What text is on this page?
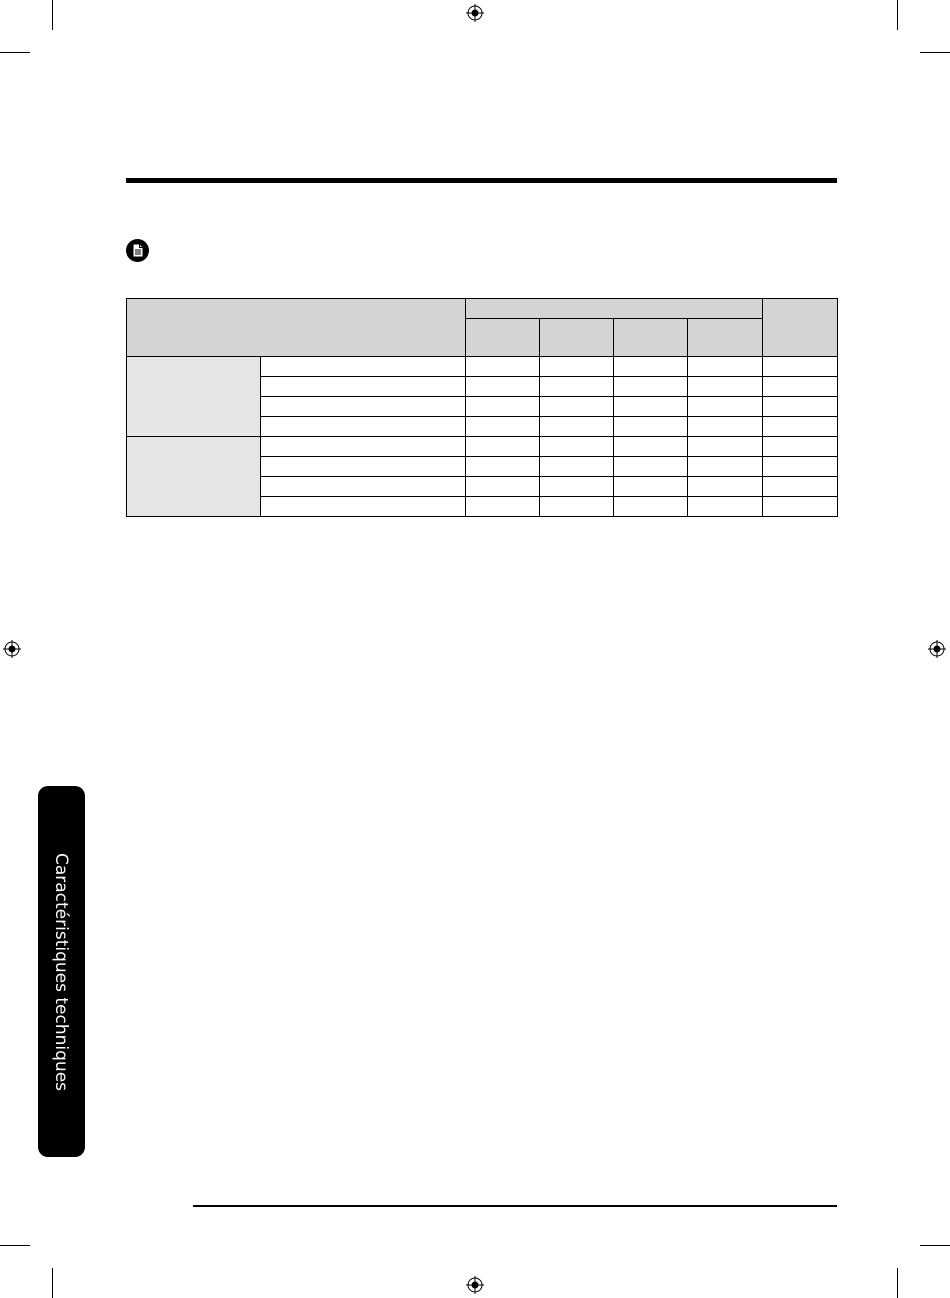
Caractéristiques techniques
